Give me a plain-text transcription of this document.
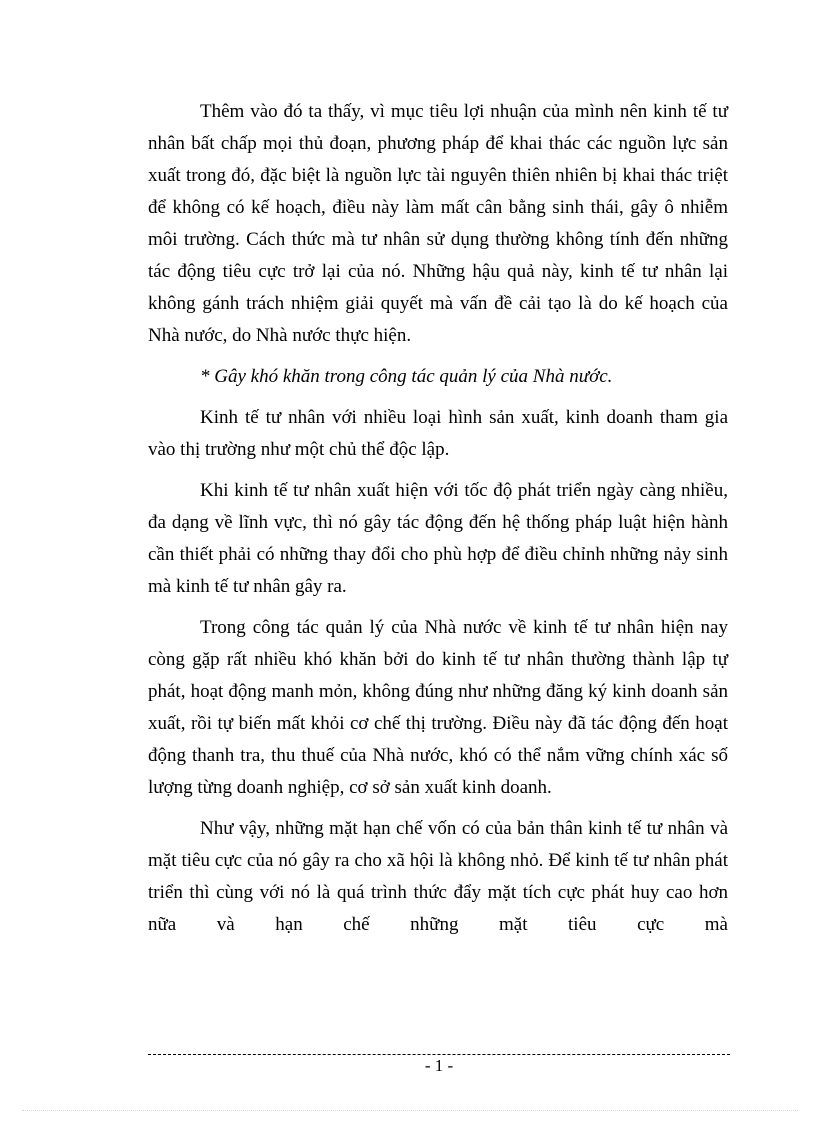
Thêm vào đó ta thấy, vì mục tiêu lợi nhuận của mình nên kinh tế tư nhân bất chấp mọi thủ đoạn, phương pháp để khai thác các nguồn lực sản xuất trong đó, đặc biệt là nguồn lực tài nguyên thiên nhiên bị khai thác triệt để không có kế hoạch, điều này làm mất cân bằng sinh thái, gây ô nhiễm môi trường. Cách thức mà tư nhân sử dụng thường không tính đến những tác động tiêu cực trở lại của nó. Những hậu quả này, kinh tế tư nhân lại không gánh trách nhiệm giải quyết mà vấn đề cải tạo là do kế hoạch của Nhà nước, do Nhà nước thực hiện.

* Gây khó khăn trong công tác quản lý của Nhà nước.

Kinh tế tư nhân với nhiều loại hình sản xuất, kinh doanh tham gia vào thị trường như một chủ thể độc lập.

Khi kinh tế tư nhân xuất hiện với tốc độ phát triển ngày càng nhiều, đa dạng về lĩnh vực, thì nó gây tác động đến hệ thống pháp luật hiện hành cần thiết phải có những thay đổi cho phù hợp để điều chỉnh những nảy sinh mà kinh tế tư nhân gây ra.

Trong công tác quản lý của Nhà nước về kinh tế tư nhân hiện nay còng gặp rất nhiều khó khăn bởi do kinh tế tư nhân thường thành lập tự phát, hoạt động manh mỏn, không đúng như những đăng ký kinh doanh sản xuất, rồi tự biến mất khỏi cơ chế thị trường. Điều này đã tác động đến hoạt động thanh tra, thu thuế của Nhà nước, khó có thể nắm vững chính xác số lượng từng doanh nghiệp, cơ sở sản xuất kinh doanh.

Như vậy, những mặt hạn chế vốn có của bản thân kinh tế tư nhân và mặt tiêu cực của nó gây ra cho xã hội là không nhỏ. Để kinh tế tư nhân phát triển thì cùng với nó là quá trình thức đẩy mặt tích cực phát huy cao hơn nữa và hạn chế những mặt tiêu cực mà

- 1 -
